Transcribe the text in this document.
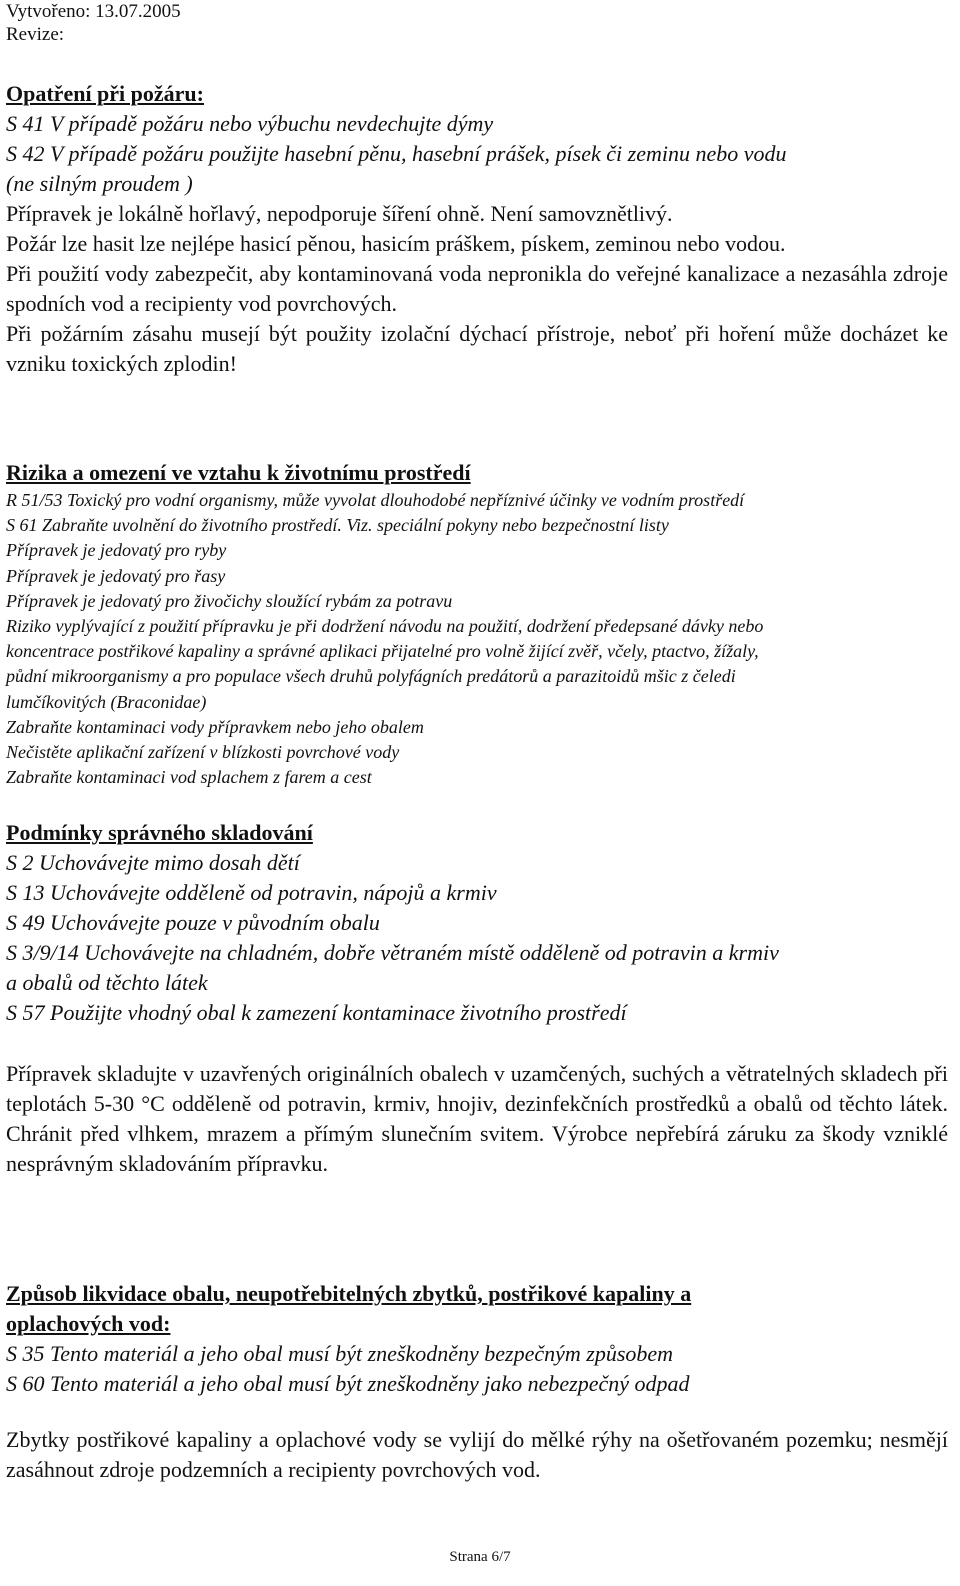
Vytvořeno: 13.07.2005

Revize:

Opatření při požáru:

S 41 V případě požáru nebo výbuchu nevdechujte dýmy

S 42 V případě požáru použijte hasební pěnu, hasební prášek, písek či zeminu nebo vodu

(ne silným proudem )

Přípravek je lokálně hořlavý, nepodporuje šíření ohně. Není samovznětlivý.

Požár lze hasit lze nejlépe hasicí pěnou, hasicím práškem, pískem, zeminou nebo vodou.

Při použití vody zabezpečit, aby kontaminovaná voda nepronikla do veřejné kanalizace a nezasáhla zdroje spodních vod a recipienty vod povrchových.

Při požárním zásahu musejí být použity izolační dýchací přístroje, neboť při hoření může docházet ke vzniku toxických zplodin!

Rizika a omezení ve vztahu k životnímu prostředí

R 51/53 Toxický pro vodní organismy, může vyvolat dlouhodobé nepříznivé účinky ve vodním prostředí

S 61 Zabraňte uvolnění do životního prostředí. Viz. speciální pokyny nebo bezpečnostní listy

Přípravek je jedovatý pro ryby

Přípravek je jedovatý pro řasy

Přípravek je jedovatý pro živočichy sloužící rybám za potravu

Riziko vyplývající z použití přípravku je při dodržení návodu na použití, dodržení předepsané dávky nebo

koncentrace postřikové kapaliny a správné aplikaci přijatelné pro volně žijící zvěř, včely, ptactvo, žížaly,

půdní mikroorganismy a pro populace všech druhů polyfágních predátorů a parazitoidů mšic z čeledi

lumčíkovitých (Braconidae)

Zabraňte kontaminaci vody přípravkem nebo jeho obalem

Nečistěte aplikační zařízení v blízkosti povrchové vody

Zabraňte kontaminaci vod splachem z farem a cest

Podmínky správného skladování

S 2 Uchovávejte mimo dosah dětí

S 13 Uchovávejte odděleně od potravin, nápojů a krmiv

S 49 Uchovávejte pouze v původním obalu

S 3/9/14 Uchovávejte na chladném, dobře větraném místě odděleně od potravin a krmiv

a obalů od těchto látek

S 57 Použijte vhodný obal k zamezení kontaminace životního prostředí

Přípravek skladujte v uzavřených originálních obalech v uzamčených, suchých a větratelných skladech při teplotách 5-30 °C odděleně od potravin, krmiv, hnojiv, dezinfekčních prostředků a obalů od těchto látek. Chránit před vlhkem, mrazem a přímým slunečním svitem. Výrobce nepřebírá záruku za škody vzniklé nesprávným skladováním přípravku.

Způsob likvidace obalu, neupotřebitelných zbytků, postřikové kapaliny a

oplachových vod:

S 35 Tento materiál a jeho obal musí být zneškodněny bezpečným způsobem

S 60 Tento materiál a jeho obal musí být zneškodněny jako nebezpečný odpad

Zbytky postřikové kapaliny a oplachové vody se vylijí do mělké rýhy na ošetřovaném pozemku; nesmějí zasáhnout zdroje podzemních a recipienty povrchových vod.

Strana 6/7
